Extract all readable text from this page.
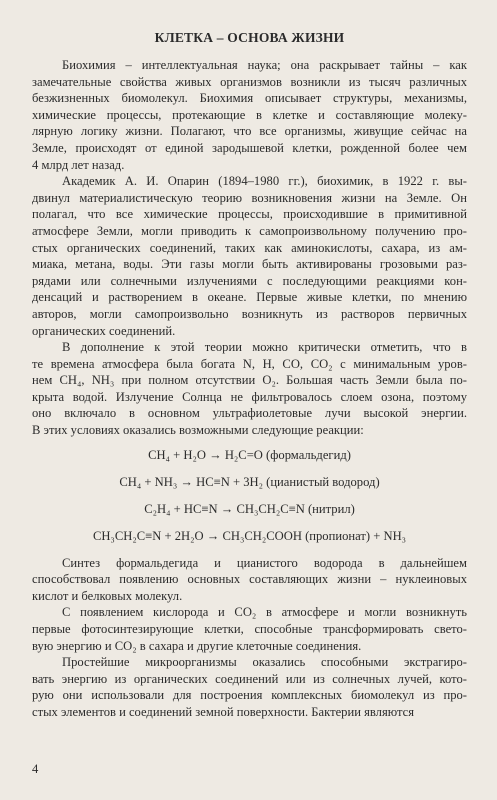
КЛЕТКА – ОСНОВА ЖИЗНИ

Биохимия – интеллектуальная наука; она раскрывает тайны – как
замечательные свойства живых организмов возникли из тысяч различных
безжизненных биомолекул. Биохимия описывает структуры, механизмы,
химические процессы, протекающие в клетке и составляющие молеку-
лярную логику жизни. Полагают, что все организмы, живущие сейчас на
Земле, происходят от единой зародышевой клетки, рожденной более чем
4 млрд лет назад.

Академик А. И. Опарин (1894–1980 гг.), биохимик, в 1922 г. вы-
двинул материалистическую теорию возникновения жизни на Земле. Он
полагал, что все химические процессы, происходившие в примитивной
атмосфере Земли, могли приводить к самопроизвольному получению про-
стых органических соединений, таких как аминокислоты, сахара, из ам-
миака, метана, воды. Эти газы могли быть активированы грозовыми раз-
рядами или солнечными излучениями с последующими реакциями кон-
денсаций и растворением в океане. Первые живые клетки, по мнению
авторов, могли самопроизвольно возникнуть из растворов первичных
органических соединений.

В дополнение к этой теории можно критически отметить, что в
те времена атмосфера была богата N, H, CO, CO₂ с минимальным уров-
нем CH₄, NH₃ при полном отсутствии O₂. Большая часть Земли была по-
крыта водой. Излучение Солнца не фильтровалось слоем озона, поэтому
оно включало в основном ультрафиолетовые лучи высокой энергии.
В этих условиях оказались возможными следующие реакции:

CH₄ + H₂O → H₂C=O (формальдегид)
CH₄ + NH₃ → HC≡N + 3H₂ (цианистый водород)
C₂H₄ + HC≡N → CH₃CH₂C≡N (нитрил)
CH₃CH₂C≡N + 2H₂O → CH₃CH₂COOH (пропионат) + NH₃

Синтез формальдегида и цианистого водорода в дальнейшем
способствовал появлению основных составляющих жизни – нуклеиновых
кислот и белковых молекул.

С появлением кислорода и CO₂ в атмосфере и могли возникнуть
первые фотосинтезирующие клетки, способные трансформировать свето-
вую энергию и CO₂ в сахара и другие клеточные соединения.

Простейшие микроорганизмы оказались способными экстрагиро-
вать энергию из органических соединений или из солнечных лучей, кото-
рую они использовали для построения комплексных биомолекул из про-
стых элементов и соединений земной поверхности. Бактерии являются

4
